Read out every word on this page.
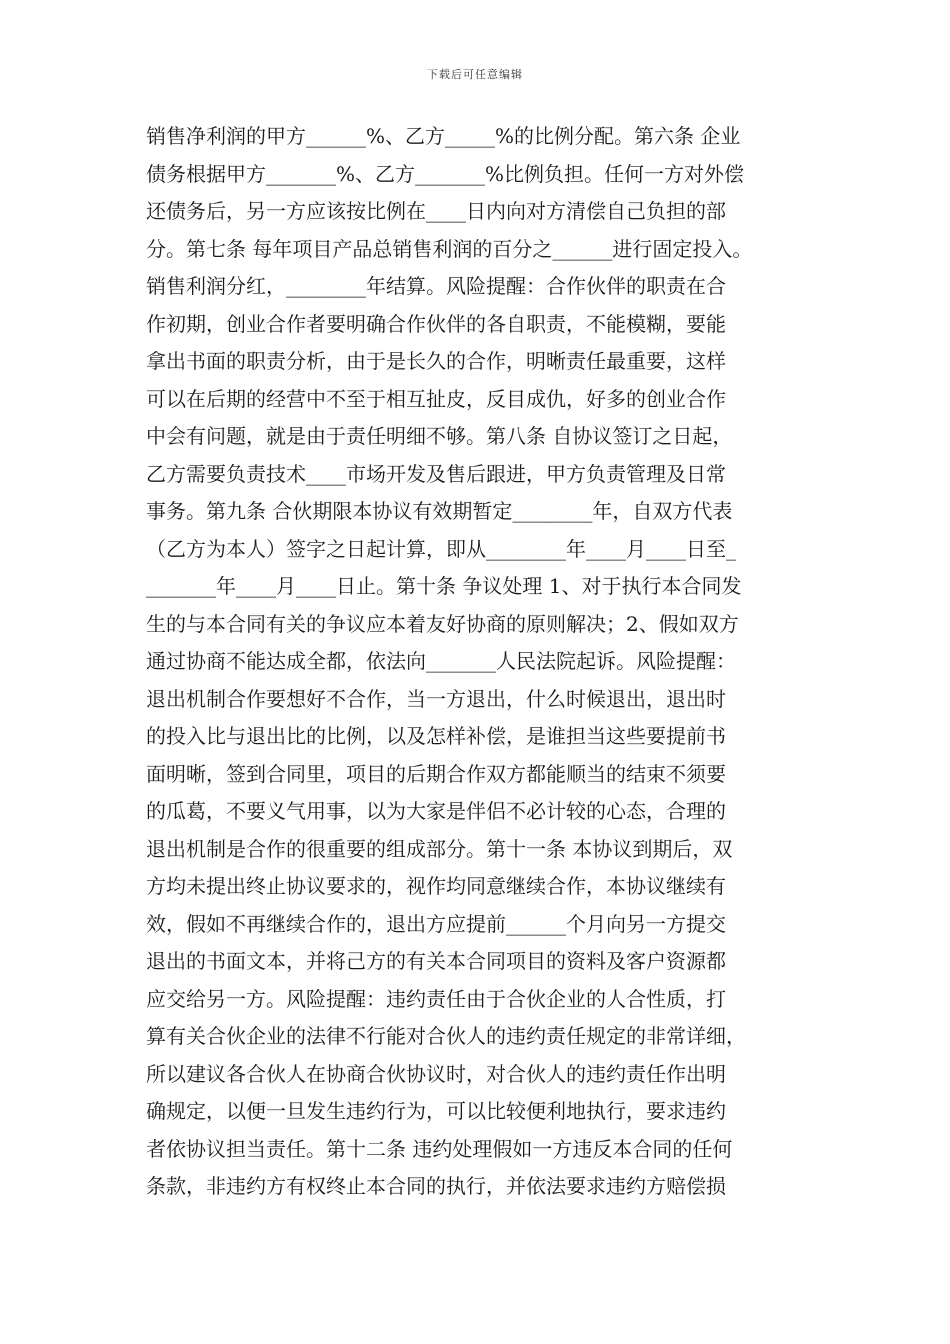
下载后可任意编辑
销售净利润的甲方______%、乙方_____%的比例分配。第六条 企业
债务根据甲方_______%、乙方_______%比例负担。任何一方对外偿
还债务后，另一方应该按比例在____日内向对方清偿自己负担的部
分。第七条 每年项目产品总销售利润的百分之______进行固定投入。
销售利润分红，________年结算。风险提醒：合作伙伴的职责在合
作初期，创业合作者要明确合作伙伴的各自职责，不能模糊，要能
拿出书面的职责分析，由于是长久的合作，明晰责任最重要，这样
可以在后期的经营中不至于相互扯皮，反目成仇，好多的创业合作
中会有问题，就是由于责任明细不够。第八条 自协议签订之日起，
乙方需要负责技术____市场开发及售后跟进，甲方负责管理及日常
事务。第九条 合伙期限本协议有效期暂定________年，自双方代表
（乙方为本人）签字之日起计算，即从________年____月____日至_
_______年____月____日止。第十条 争议处理 1、对于执行本合同发
生的与本合同有关的争议应本着友好协商的原则解决；2、假如双方
通过协商不能达成全都，依法向_______人民法院起诉。风险提醒：
退出机制合作要想好不合作，当一方退出，什么时候退出，退出时
的投入比与退出比的比例，以及怎样补偿，是谁担当这些要提前书
面明晰，签到合同里，项目的后期合作双方都能顺当的结束不须要
的瓜葛，不要义气用事，以为大家是伴侣不必计较的心态，合理的
退出机制是合作的很重要的组成部分。第十一条 本协议到期后，双
方均未提出终止协议要求的，视作均同意继续合作，本协议继续有
效，假如不再继续合作的，退出方应提前______个月向另一方提交
退出的书面文本，并将己方的有关本合同项目的资料及客户资源都
应交给另一方。风险提醒：违约责任由于合伙企业的人合性质，打
算有关合伙企业的法律不行能对合伙人的违约责任规定的非常详细，
所以建议各合伙人在协商合伙协议时，对合伙人的违约责任作出明
确规定，以便一旦发生违约行为，可以比较便利地执行，要求违约
者依协议担当责任。第十二条 违约处理假如一方违反本合同的任何
条款，非违约方有权终止本合同的执行，并依法要求违约方赔偿损
